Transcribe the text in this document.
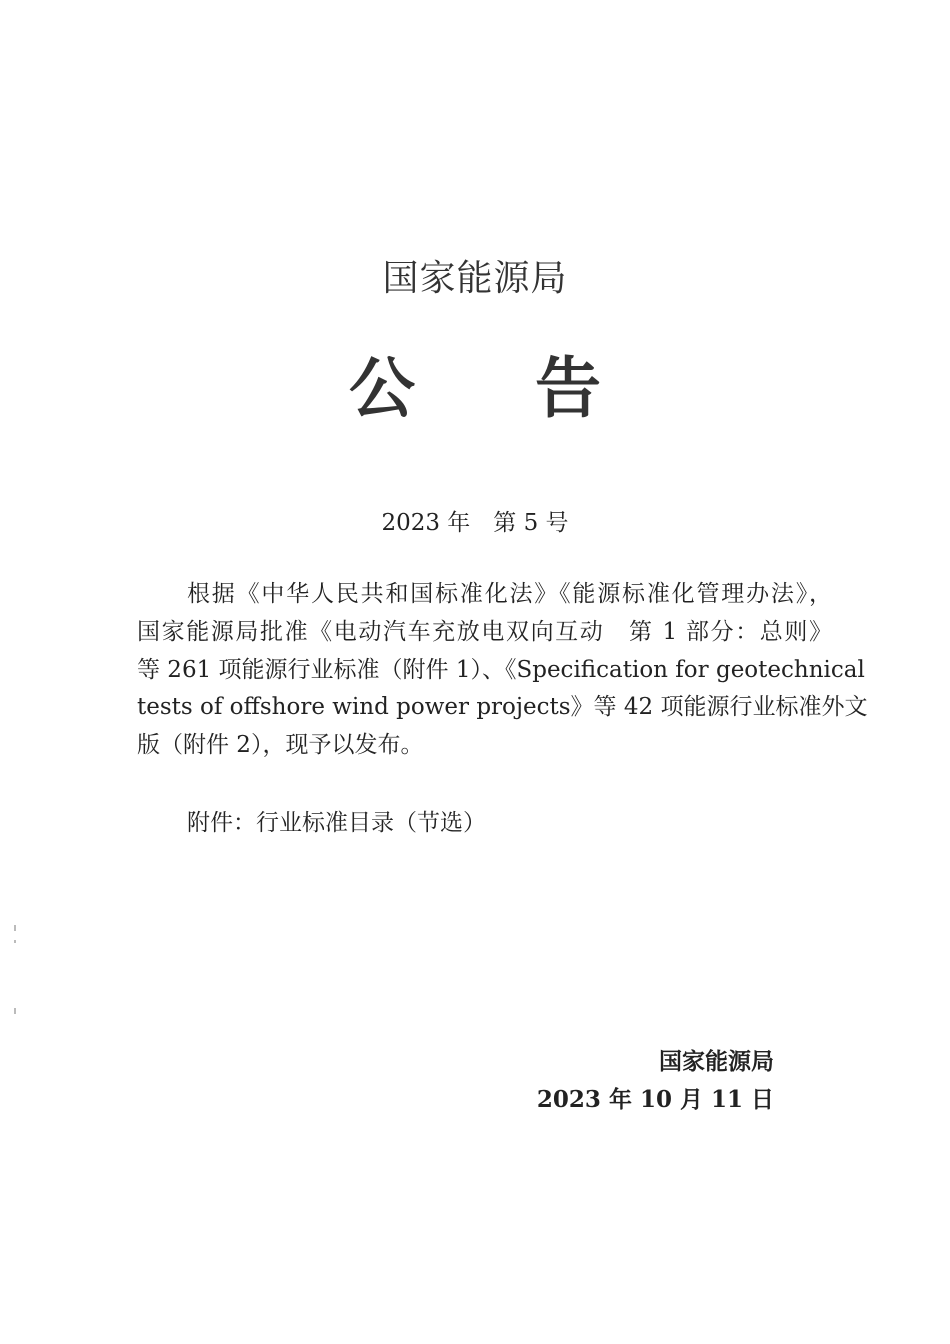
国家能源局
公 告
2023 年　第 5 号
根据《中华人民共和国标准化法》《能源标准化管理办法》，
国家能源局批准《电动汽车充放电双向互动　第 1 部分：总则》
等 261 项能源行业标准（附件 1）、《Specification for geotechnical
tests of offshore wind power projects》等 42 项能源行业标准外文
版（附件 2），现予以发布。
附件：行业标准目录（节选）
国家能源局
2023 年 10 月 11 日
